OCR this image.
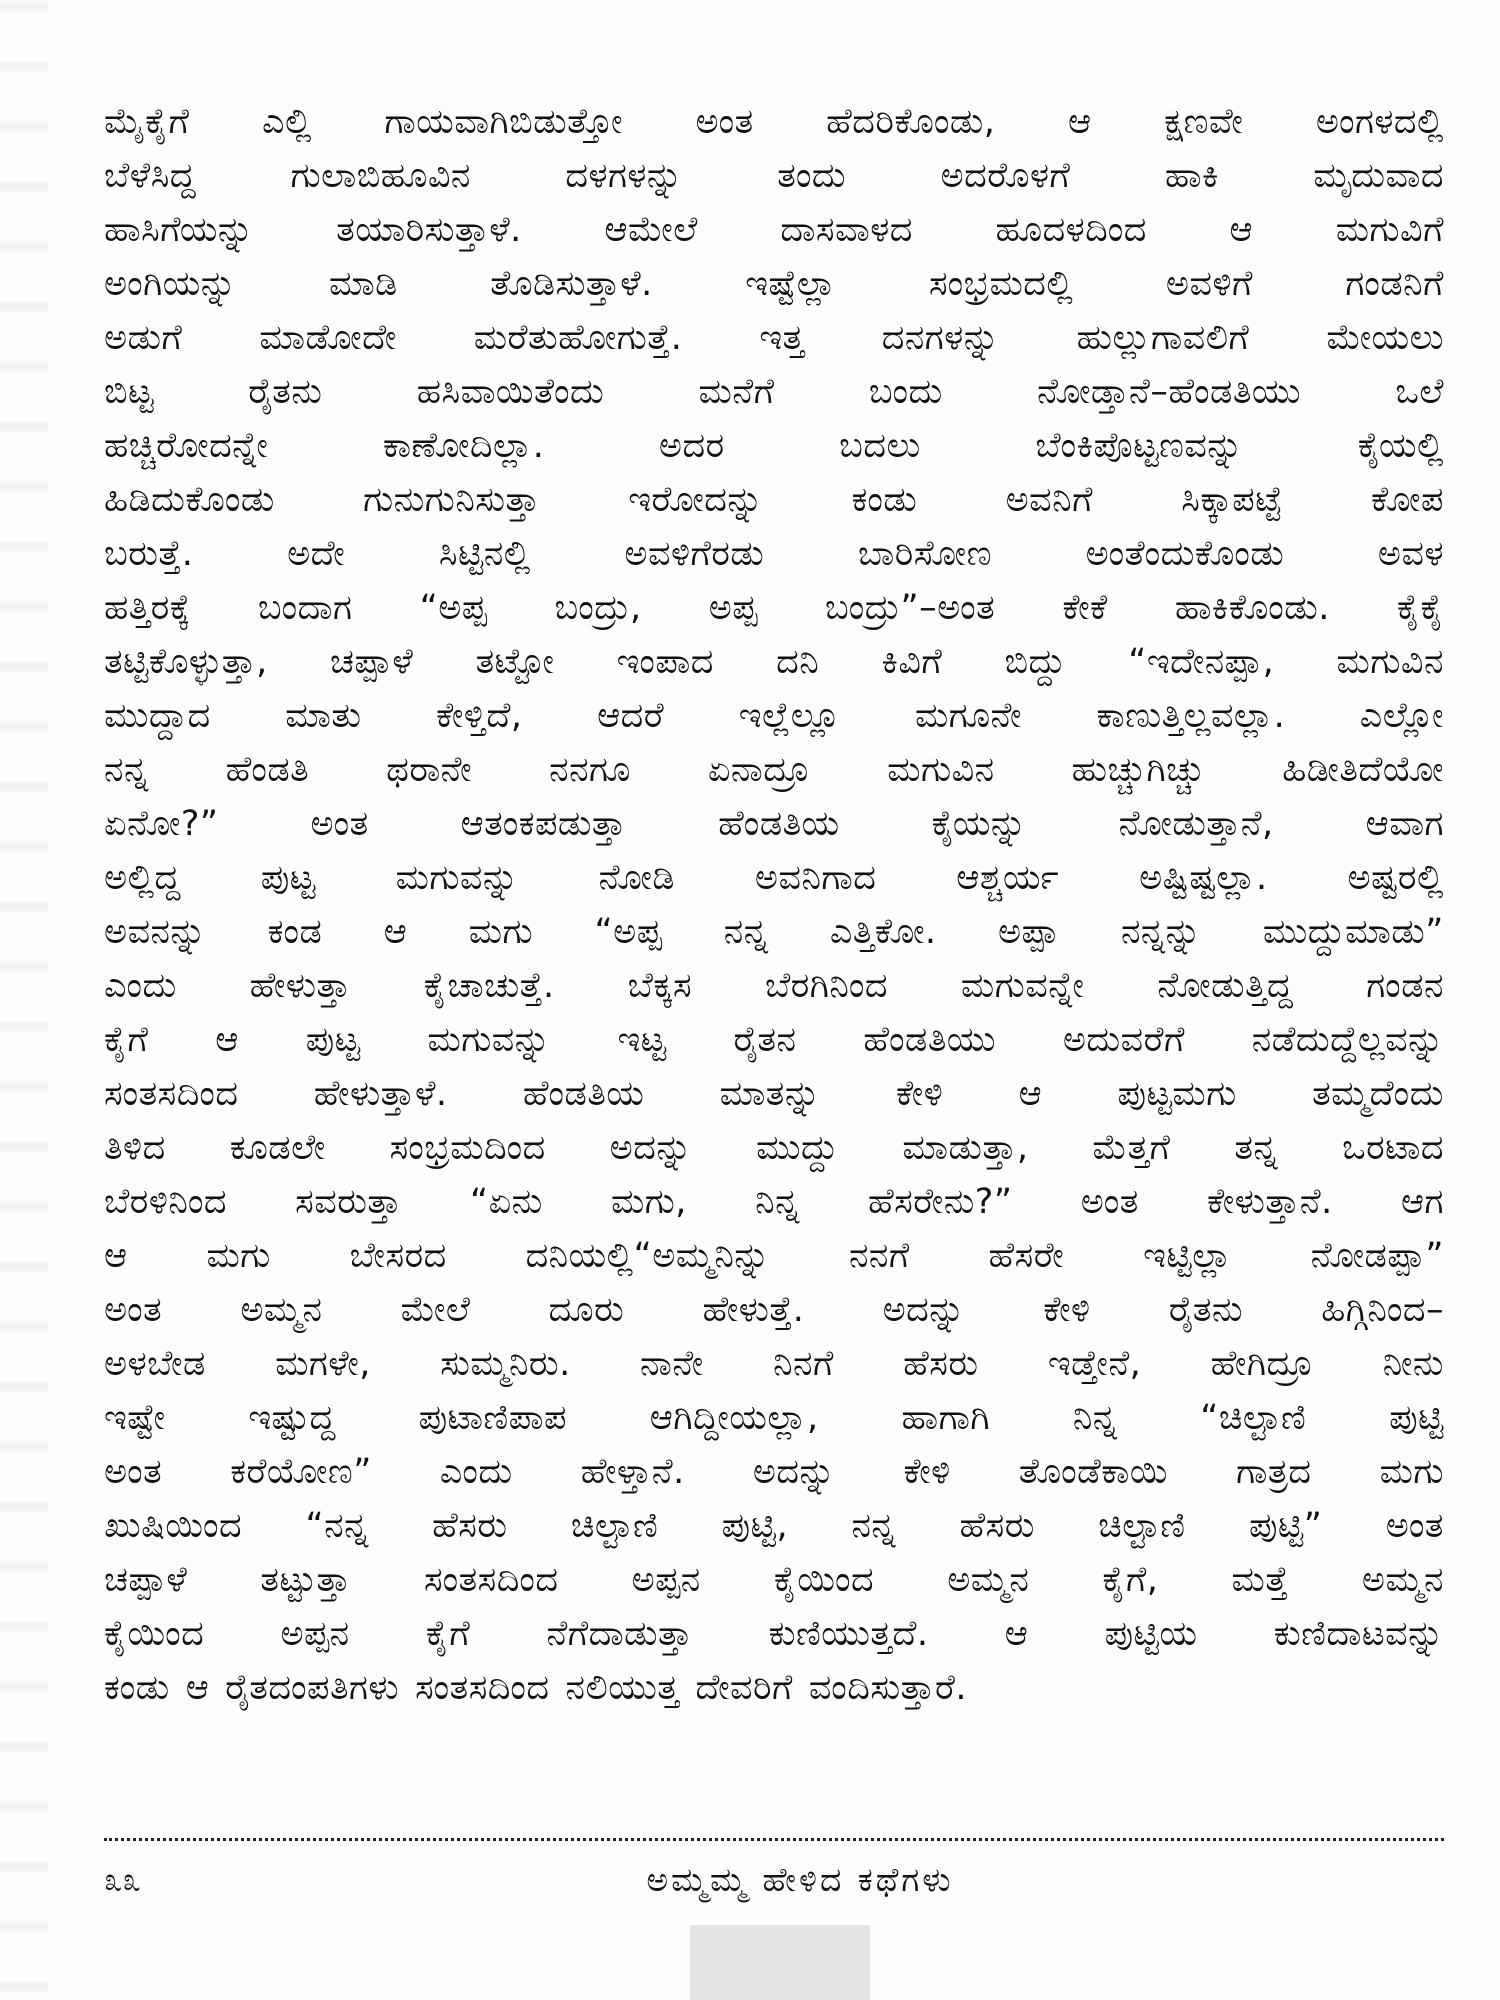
ಮೈಕೈಗೆ ಎಲ್ಲಿ ಗಾಯವಾಗಿಬಿಡುತ್ತೋ ಅಂತ ಹೆದರಿಕೊಂಡು, ಆ ಕ್ಷಣವೇ ಅಂಗಳದಲ್ಲಿ
ಬೆಳೆಸಿದ್ದ	ಗುಲಾಬಿಹೂವಿನ	ದಳಗಳನ್ನು	ತಂದು	ಅದರೊಳಗೆ	ಹಾಕಿ	ಮೃದುವಾದ
ಹಾಸಿಗೆಯನ್ನು ತಯಾರಿಸುತ್ತಾಳೆ. ಆಮೇಲೆ ದಾಸವಾಳದ ಹೂದಳದಿಂದ ಆ ಮಗುವಿಗೆ
ಅಂಗಿಯನ್ನು	ಮಾಡಿ	ತೊಡಿಸುತ್ತಾಳೆ.	ಇಷ್ಟೆಲ್ಲಾ	ಸಂಭ್ರಮದಲ್ಲಿ	ಅವಳಿಗೆ	ಗಂಡನಿಗೆ
ಅಡುಗೆ ಮಾಡೋದೇ ಮರೆತುಹೋಗುತ್ತೆ. ಇತ್ತ ದನಗಳನ್ನು ಹುಲ್ಲುಗಾವಲಿಗೆ ಮೇಯಲು
ಬಿಟ್ಟ	ರೈತನು	ಹಸಿವಾಯಿತೆಂದು	ಮನೆಗೆ	ಬಂದು	ನೋಡ್ತಾನೆ–ಹೆಂಡತಿಯು	ಒಲೆ
ಹಚ್ಚಿರೋದನ್ನೇ	ಕಾಣೋದಿಲ್ಲಾ.	ಅದರ	ಬದಲು	ಬೆಂಕಿಪೊಟ್ಟಣವನ್ನು	ಕೈಯಲ್ಲಿ
ಹಿಡಿದುಕೊಂಡು	ಗುನುಗುನಿಸುತ್ತಾ	ಇರೋದನ್ನು	ಕಂಡು	ಅವನಿಗೆ	ಸಿಕ್ಕಾಪಟ್ಟೆ	ಕೋಪ
ಬರುತ್ತೆ.	ಅದೇ	ಸಿಟ್ಟಿನಲ್ಲಿ	ಅವಳಿಗೆರಡು	ಬಾರಿಸೋಣ	ಅಂತೆಂದುಕೊಂಡು	ಅವಳ
ಹತ್ತಿರಕ್ಕೆ ಬಂದಾಗ “ಅಪ್ಪ ಬಂದ್ರು, ಅಪ್ಪ ಬಂದ್ರು”–ಅಂತ ಕೇಕೆ ಹಾಕಿಕೊಂಡು. ಕೈಕೈ
ತಟ್ಟಿಕೊಳ್ಳುತ್ತಾ, ಚಪ್ಪಾಳೆ ತಟ್ಟೋ ಇಂಪಾದ ದನಿ ಕಿವಿಗೆ ಬಿದ್ದು “ಇದೇನಪ್ಪಾ, ಮಗುವಿನ
ಮುದ್ದಾದ ಮಾತು ಕೇಳ್ತಿದೆ, ಆದರೆ ಇಲ್ಲೆಲ್ಲೂ ಮಗೂನೇ ಕಾಣುತ್ತಿಲ್ಲವಲ್ಲಾ. ಎಲ್ಲೋ
ನನ್ನ ಹೆಂಡತಿ ಥರಾನೇ ನನಗೂ ಏನಾದ್ರೂ ಮಗುವಿನ ಹುಚ್ಚುಗಿಚ್ಚು ಹಿಡೀತಿದೆಯೋ
ಏನೋ?”	ಅಂತ	ಆತಂಕಪಡುತ್ತಾ	ಹೆಂಡತಿಯ	ಕೈಯನ್ನು	ನೋಡುತ್ತಾನೆ,	ಆವಾಗ
ಅಲ್ಲಿದ್ದ ಪುಟ್ಟ ಮಗುವನ್ನು ನೋಡಿ ಅವನಿಗಾದ ಆಶ್ಚರ್ಯ ಅಷ್ಟಿಷ್ಟಲ್ಲಾ. ಅಷ್ಟರಲ್ಲಿ
ಅವನನ್ನು ಕಂಡ ಆ ಮಗು “ಅಪ್ಪ ನನ್ನ ಎತ್ತಿಕೋ. ಅಪ್ಪಾ ನನ್ನನ್ನು ಮುದ್ದುಮಾಡು”
ಎಂದು ಹೇಳುತ್ತಾ ಕೈಚಾಚುತ್ತೆ. ಬೆಕ್ಕಸ ಬೆರಗಿನಿಂದ ಮಗುವನ್ನೇ ನೋಡುತ್ತಿದ್ದ ಗಂಡನ
ಕೈಗೆ ಆ ಪುಟ್ಟ ಮಗುವನ್ನು ಇಟ್ಟ ರೈತನ ಹೆಂಡತಿಯು ಅದುವರೆಗೆ ನಡೆದುದ್ದೆಲ್ಲವನ್ನು
ಸಂತಸದಿಂದ ಹೇಳುತ್ತಾಳೆ. ಹೆಂಡತಿಯ ಮಾತನ್ನು ಕೇಳಿ ಆ ಪುಟ್ಟಮಗು ತಮ್ಮದೆಂದು
ತಿಳಿದ ಕೂಡಲೇ ಸಂಭ್ರಮದಿಂದ ಅದನ್ನು ಮುದ್ದು ಮಾಡುತ್ತಾ, ಮೆತ್ತಗೆ ತನ್ನ ಒರಟಾದ
ಬೆರಳಿನಿಂದ ಸವರುತ್ತಾ “ಏನು ಮಗು, ನಿನ್ನ ಹೆಸರೇನು?” ಅಂತ ಕೇಳುತ್ತಾನೆ. ಆಗ
ಆ ಮಗು ಬೇಸರದ ದನಿಯಲ್ಲಿ“ಅಮ್ಮನಿನ್ನು ನನಗೆ ಹೆಸರೇ ಇಟ್ಟಿಲ್ಲಾ ನೋಡಪ್ಪಾ”
ಅಂತ ಅಮ್ಮನ ಮೇಲೆ ದೂರು ಹೇಳುತ್ತೆ. ಅದನ್ನು ಕೇಳಿ ರೈತನು ಹಿಗ್ಗಿನಿಂದ–
ಅಳಬೇಡ ಮಗಳೇ, ಸುಮ್ಮನಿರು. ನಾನೇ ನಿನಗೆ ಹೆಸರು ಇಡ್ತೇನೆ, ಹೇಗಿದ್ರೂ ನೀನು
ಇಷ್ಟೇ ಇಷ್ಟುದ್ದ ಪುಟಾಣಿಪಾಪ ಆಗಿದ್ದೀಯಲ್ಲಾ, ಹಾಗಾಗಿ ನಿನ್ನ “ಚಿಲ್ಟಾಣಿ ಪುಟ್ಟಿ
ಅಂತ ಕರೆಯೋಣ” ಎಂದು ಹೇಳ್ತಾನೆ. ಅದನ್ನು ಕೇಳಿ ತೊಂಡೆಕಾಯಿ ಗಾತ್ರದ ಮಗು
ಖುಷಿಯಿಂದ “ನನ್ನ ಹೆಸರು ಚಿಲ್ಟಾಣಿ ಪುಟ್ಟಿ, ನನ್ನ ಹೆಸರು ಚಿಲ್ಟಾಣಿ ಪುಟ್ಟಿ” ಅಂತ
ಚಪ್ಪಾಳೆ ತಟ್ಟುತ್ತಾ ಸಂತಸದಿಂದ ಅಪ್ಪನ ಕೈಯಿಂದ ಅಮ್ಮನ ಕೈಗೆ, ಮತ್ತೆ ಅಮ್ಮನ
ಕೈಯಿಂದ ಅಪ್ಪನ ಕೈಗೆ ನೆಗೆದಾಡುತ್ತಾ ಕುಣಿಯುತ್ತದೆ. ಆ ಪುಟ್ಟಿಯ ಕುಣಿದಾಟವನ್ನು
ಕಂಡು ಆ ರೈತದಂಪತಿಗಳು ಸಂತಸದಿಂದ ನಲಿಯುತ್ತ ದೇವರಿಗೆ ವಂದಿಸುತ್ತಾರೆ.
೩೩	ಅಮ್ಮಮ್ಮ ಹೇಳಿದ ಕಥೆಗಳು
